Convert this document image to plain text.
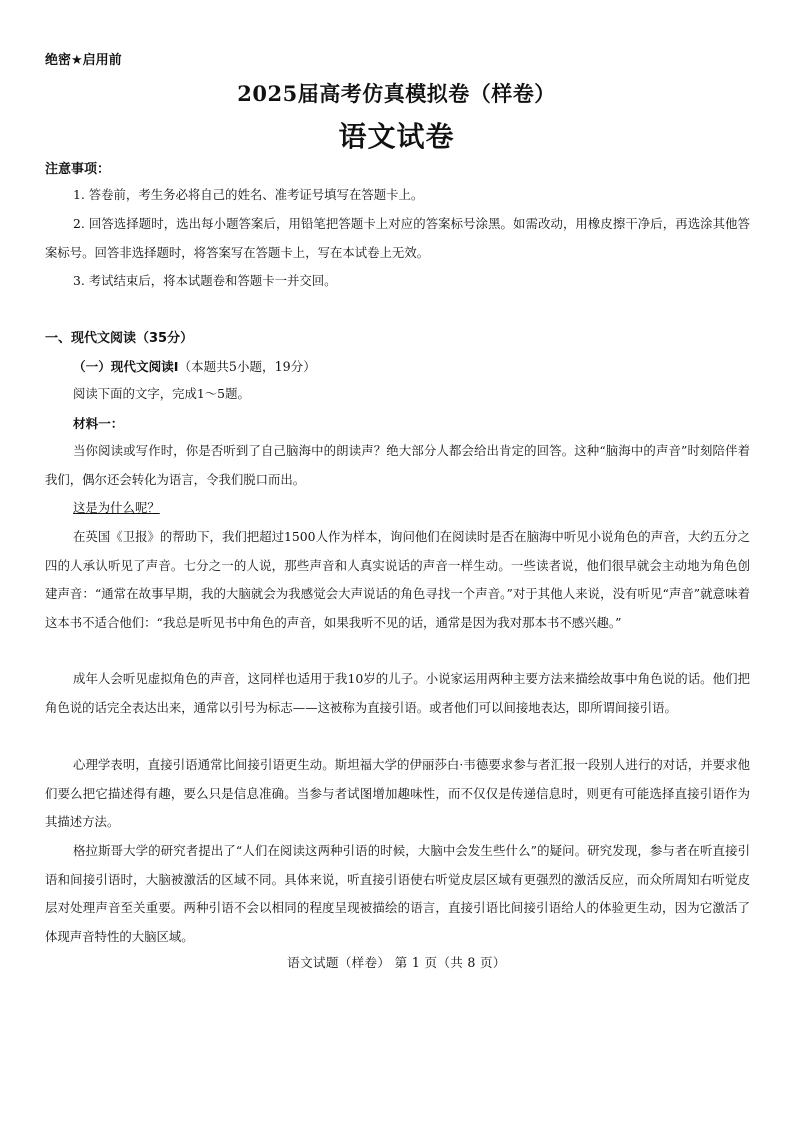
绝密★启用前
2025届高考仿真模拟卷（样卷）
语文试卷
注意事项：

1. 答卷前，考生务必将自己的姓名、准考证号填写在答题卡上。

2. 回答选择题时，选出每小题答案后，用铅笔把答题卡上对应的答案标号涂黑。如需改动，用橡皮擦干净后，再选涂其他答案标号。回答非选择题时，将答案写在答题卡上，写在本试卷上无效。

3. 考试结束后，将本试题卷和答题卡一并交回。

一、现代文阅读（35分）
（一）现代文阅读Ⅰ（本题共5小题，19分）

阅读下面的文字，完成1～5题。

材料一：

当你阅读或写作时，你是否听到了自己脑海中的朗读声？绝大部分人都会给出肯定的回答。这种“脑海中的声音”时刻陪伴着我们，偶尔还会转化为语言，令我们脱口而出。

这是为什么呢？

在英国《卫报》的帮助下，我们把超过1500人作为样本，询问他们在阅读时是否在脑海中听见小说角色的声音，大约五分之四的人承认听见了声音。七分之一的人说，那些声音和人真实说话的声音一样生动。一些读者说，他们很早就会主动地为角色创建声音：“通常在故事早期，我的大脑就会为我感觉会大声说话的角色寻找一个声音。”对于其他人来说，没有听见“声音”就意味着这本书不适合他们：“我总是听见书中角色的声音，如果我听不见的话，通常是因为我对那本书不感兴趣。”

成年人会听见虚拟角色的声音，这同样也适用于我10岁的儿子。小说家运用两种主要方法来描绘故事中角色说的话。他们把角色说的话完全表达出来，通常以引号为标志——这被称为直接引语。或者他们可以间接地表达，即所谓间接引语。

心理学表明，直接引语通常比间接引语更生动。斯坦福大学的伊丽莎白·韦德要求参与者汇报一段别人进行的对话，并要求他们要么把它描述得有趣，要么只是信息准确。当参与者试图增加趣味性，而不仅仅是传递信息时，则更有可能选择直接引语作为其描述方法。

格拉斯哥大学的研究者提出了“人们在阅读这两种引语的时候，大脑中会发生些什么”的疑问。研究发现，参与者在听直接引语和间接引语时，大脑被激活的区域不同。具体来说，听直接引语使右听觉皮层区域有更强烈的激活反应，而众所周知右听觉皮层对处理声音至关重要。两种引语不会以相同的程度呈现被描绘的语言，直接引语比间接引语给人的体验更生动，因为它激活了体现声音特性的大脑区域。

语文试题（样卷） 第 1 页（共 8 页）
